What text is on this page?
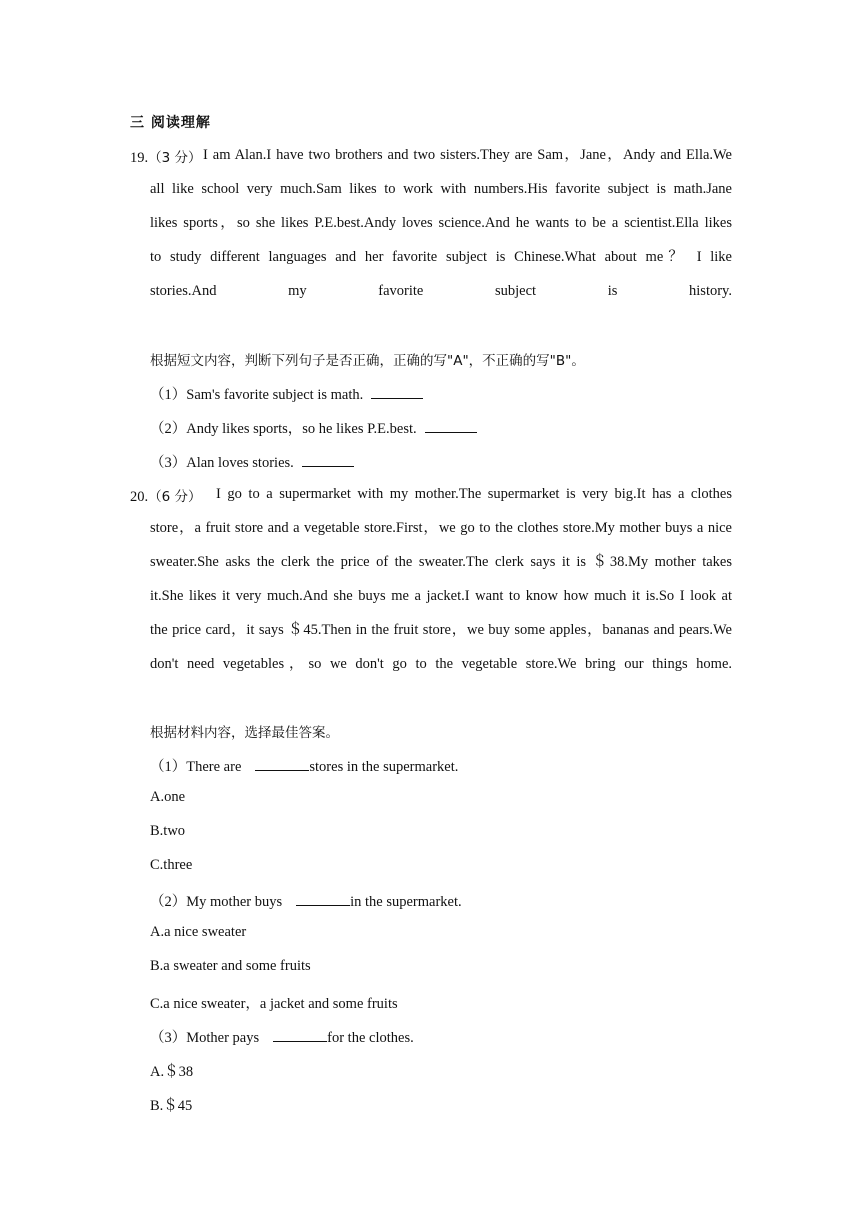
三 阅读理解
19.（3 分） I am Alan.I have two brothers and two sisters.They are Sam，Jane，Andy and Ella.We
all like school very much.Sam likes to work with numbers.His favorite subject is math.Jane
likes sports，so she likes P.E.best.Andy loves science.And he wants to be a scientist.Ella likes
to study different languages and her favorite subject is Chinese.What about me？ I like
stories.And my favorite subject is history.
根据短文内容，判断下列句子是否正确，正确的写"A"，不正确的写"B"。
（1）Sam's favorite subject is math.
（2）Andy likes sports，so he likes P.E.best.
（3）Alan loves stories.
20.（6 分） I go to a supermarket with my mother.The supermarket is very big.It has a clothes
store，a fruit store and a vegetable store.First，we go to the clothes store.My mother buys a nice
sweater.She asks the clerk the price of the sweater.The clerk says it is ＄38.My mother takes
it.She likes it very much.And she buys me a jacket.I want to know how much it is.So I look at
the price card，it says ＄45.Then in the fruit store，we buy some apples，bananas and pears.We
don't need vegetables，so we don't go to the vegetable store.We bring our things home.
根据材料内容，选择最佳答案。
（1）There are	stores in the supermarket.
A.one
B.two
C.three
（2）My mother buys	in the supermarket.
A.a nice sweater
B.a sweater and some fruits
C.a nice sweater，a jacket and some fruits
（3）Mother pays	for the clothes.
A.＄38
B.＄45
